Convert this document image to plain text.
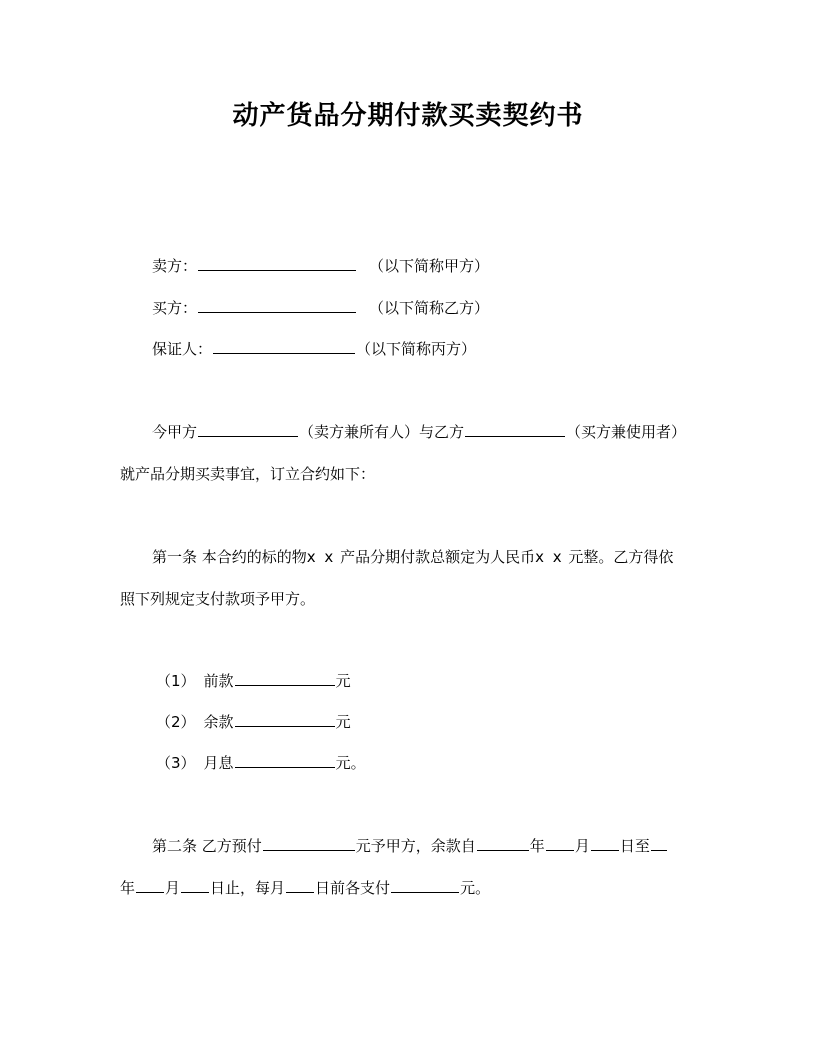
动产货品分期付款买卖契约书
卖方：	（以下简称甲方）
买方：	（以下简称乙方）
保证人：	（以下简称丙方）
今甲方	（卖方兼所有人）与乙方	（买方兼使用者）
就产品分期买卖事宜，订立合约如下：
第一条 本合约的标的物x x 产品分期付款总额定为人民币x x 元整。乙方得依
照下列规定支付款项予甲方。
（1） 前款	元
（2） 余款	元
（3） 月息	元。
第二条 乙方预付	元予甲方，余款自	年 月 日至
年 月 日止，每月 日前各支付	元。
